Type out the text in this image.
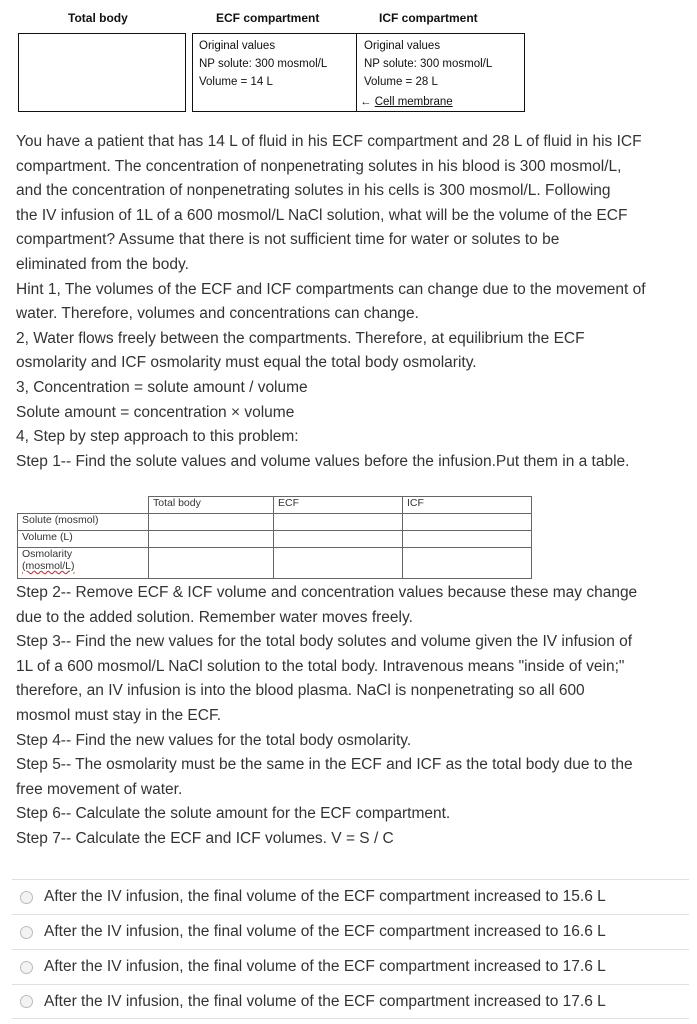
Total body	ECF compartment	ICF compartment
Original values
NP solute: 300 mosmol/L
Volume = 14 L
Original values
NP solute: 300 mosmol/L
Volume = 28 L
← Cell membrane

You have a patient that has 14 L of fluid in his ECF compartment and 28 L of fluid in his ICF

compartment. The concentration of nonpenetrating solutes in his blood is 300 mosmol/L,

and the concentration of nonpenetrating solutes in his cells is 300 mosmol/L. Following

the IV infusion of 1L of a 600 mosmol/L NaCl solution, what will be the volume of the ECF

compartment? Assume that there is not sufficient time for water or solutes to be

eliminated from the body.

Hint 1, The volumes of the ECF and ICF compartments can change due to the movement of

water. Therefore, volumes and concentrations can change.

2, Water flows freely between the compartments. Therefore, at equilibrium the ECF

osmolarity and ICF osmolarity must equal the total body osmolarity.

3, Concentration = solute amount / volume

Solute amount = concentration × volume

4, Step by step approach to this problem:

Step 1-- Find the solute values and volume values before the infusion.Put them in a table.

	Total body	ECF	ICF
Solute (mosmol)			
Volume (L)			

Osmolarity
(mosmol/L)			

Step 2-- Remove ECF & ICF volume and concentration values because these may change

due to the added solution. Remember water moves freely.

Step 3-- Find the new values for the total body solutes and volume given the IV infusion of

1L of a 600 mosmol/L NaCl solution to the total body. Intravenous means "inside of vein;"

therefore, an IV infusion is into the blood plasma. NaCl is nonpenetrating so all 600

mosmol must stay in the ECF.

Step 4-- Find the new values for the total body osmolarity.

Step 5-- The osmolarity must be the same in the ECF and ICF as the total body due to the

free movement of water.

Step 6-- Calculate the solute amount for the ECF compartment.

Step 7-- Calculate the ECF and ICF volumes. V = S / C

After the IV infusion, the final volume of the ECF compartment increased to 15.6 L
After the IV infusion, the final volume of the ECF compartment increased to 16.6 L
After the IV infusion, the final volume of the ECF compartment increased to 17.6 L
After the IV infusion, the final volume of the ECF compartment increased to 17.6 L
